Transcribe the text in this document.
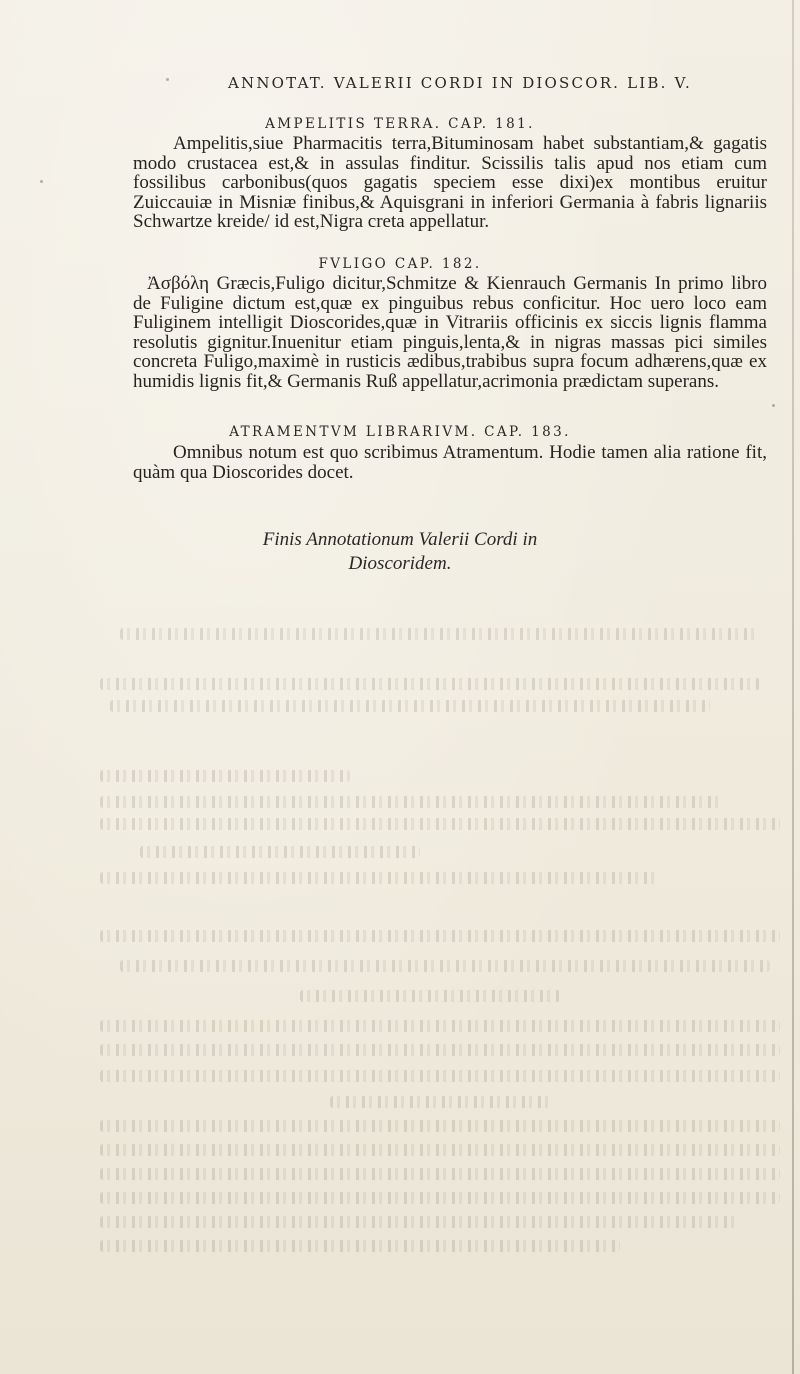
ANNOTAT. VALERII CORDI IN DIOSCOR. LIB. V.
AMPELITIS TERRA. CAP. 181.

Ampelitis,siue Pharmacitis terra,Bituminosam habet substantiam,& gagatis modo crustacea est,& in assulas finditur. Scissilis talis apud nos etiam cum fossilibus carbonibus(quos gagatis speciem esse dixi)ex montibus eruitur Zuiccauiæ in Misniæ finibus,& Aquisgrani in inferiori Germania à fabris lignariis Schwartze kreide/ id est,Nigra creta appellatur.

FVLIGO CAP. 182.

Ἀσβόλη Græcis,Fuligo dicitur,Schmitze & Kienrauch Germanis In primo libro de Fuligine dictum est,quæ ex pinguibus rebus conficitur. Hoc uero loco eam Fuliginem intelligit Dioscorides,quæ in Vitrariis officinis ex siccis lignis flamma resolutis gignitur.Inuenitur etiam pinguis,lenta,& in nigras massas pici similes concreta Fuligo,maximè in rusticis ædibus,trabibus supra focum adhærens,quæ ex humidis lignis fit,& Germanis Ruß appellatur,acrimonia prædictam superans.

ATRAMENTVM LIBRARIVM. CAP. 183.

Omnibus notum est quo scribimus Atramentum. Hodie tamen alia ratione fit, quàm qua Dioscorides docet.

Finis Annotationum Valerii Cordi in
Dioscoridem.
